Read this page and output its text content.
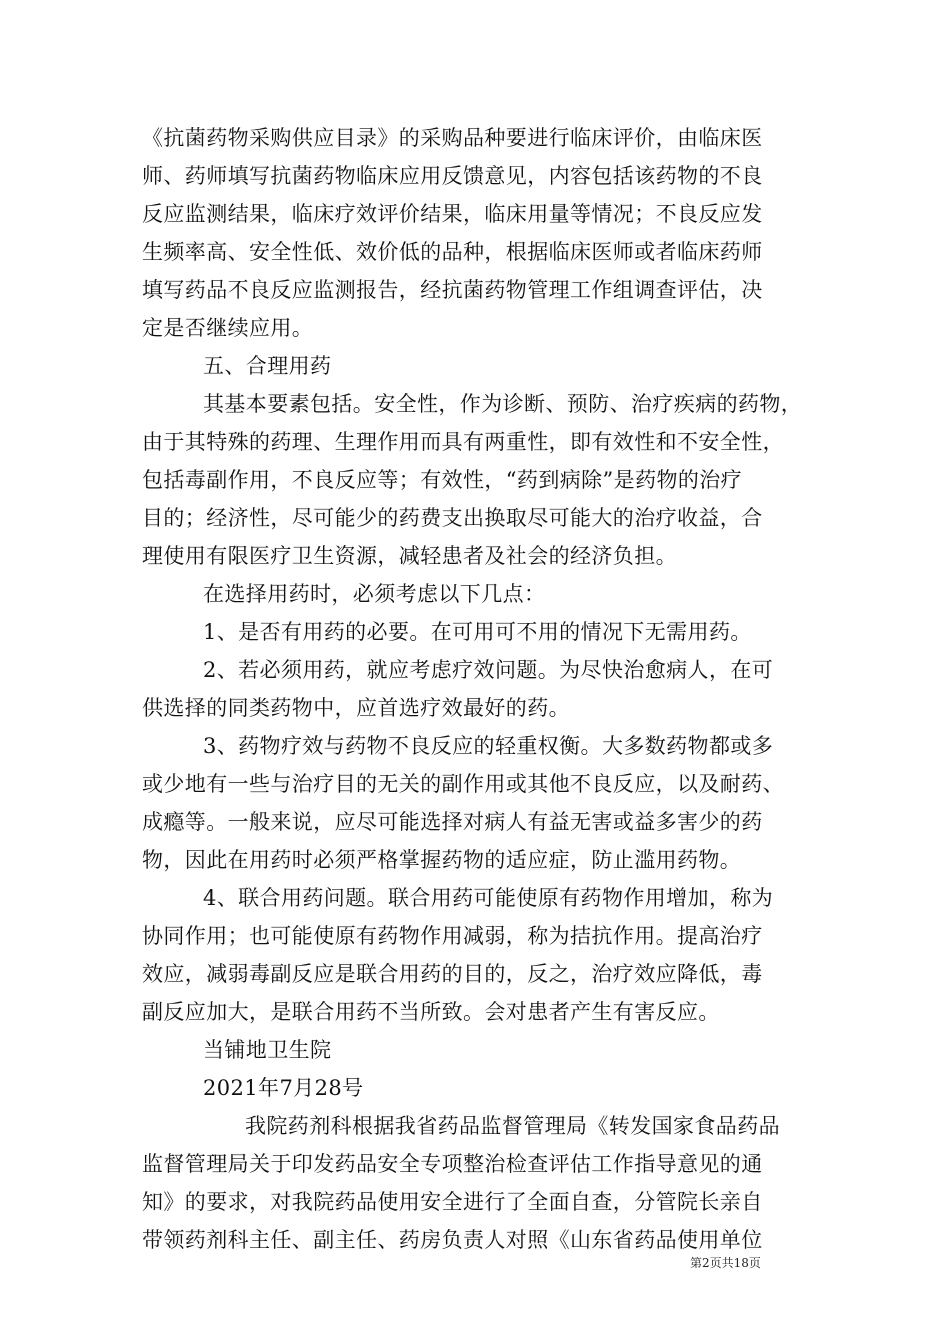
《抗菌药物采购供应目录》的采购品种要进行临床评价，由临床医
师、药师填写抗菌药物临床应用反馈意见，内容包括该药物的不良
反应监测结果，临床疗效评价结果，临床用量等情况；不良反应发
生频率高、安全性低、效价低的品种，根据临床医师或者临床药师
填写药品不良反应监测报告，经抗菌药物管理工作组调查评估，决
定是否继续应用。
五、合理用药
其基本要素包括。安全性，作为诊断、预防、治疗疾病的药物，
由于其特殊的药理、生理作用而具有两重性，即有效性和不安全性，
包括毒副作用，不良反应等；有效性，“药到病除”是药物的治疗
目的；经济性，尽可能少的药费支出换取尽可能大的治疗收益，合
理使用有限医疗卫生资源，减轻患者及社会的经济负担。
在选择用药时，必须考虑以下几点：
1、是否有用药的必要。在可用可不用的情况下无需用药。
2、若必须用药，就应考虑疗效问题。为尽快治愈病人，在可
供选择的同类药物中，应首选疗效最好的药。
3、药物疗效与药物不良反应的轻重权衡。大多数药物都或多
或少地有一些与治疗目的无关的副作用或其他不良反应，以及耐药、
成瘾等。一般来说，应尽可能选择对病人有益无害或益多害少的药
物，因此在用药时必须严格掌握药物的适应症，防止滥用药物。
4、联合用药问题。联合用药可能使原有药物作用增加，称为
协同作用；也可能使原有药物作用减弱，称为拮抗作用。提高治疗
效应，减弱毒副反应是联合用药的目的，反之，治疗效应降低，毒
副反应加大，是联合用药不当所致。会对患者产生有害反应。
当铺地卫生院
2021年7月28号
我院药剂科根据我省药品监督管理局《转发国家食品药品
监督管理局关于印发药品安全专项整治检查评估工作指导意见的通
知》的要求，对我院药品使用安全进行了全面自查，分管院长亲自
带领药剂科主任、副主任、药房负责人对照《山东省药品使用单位
第2页共18页
